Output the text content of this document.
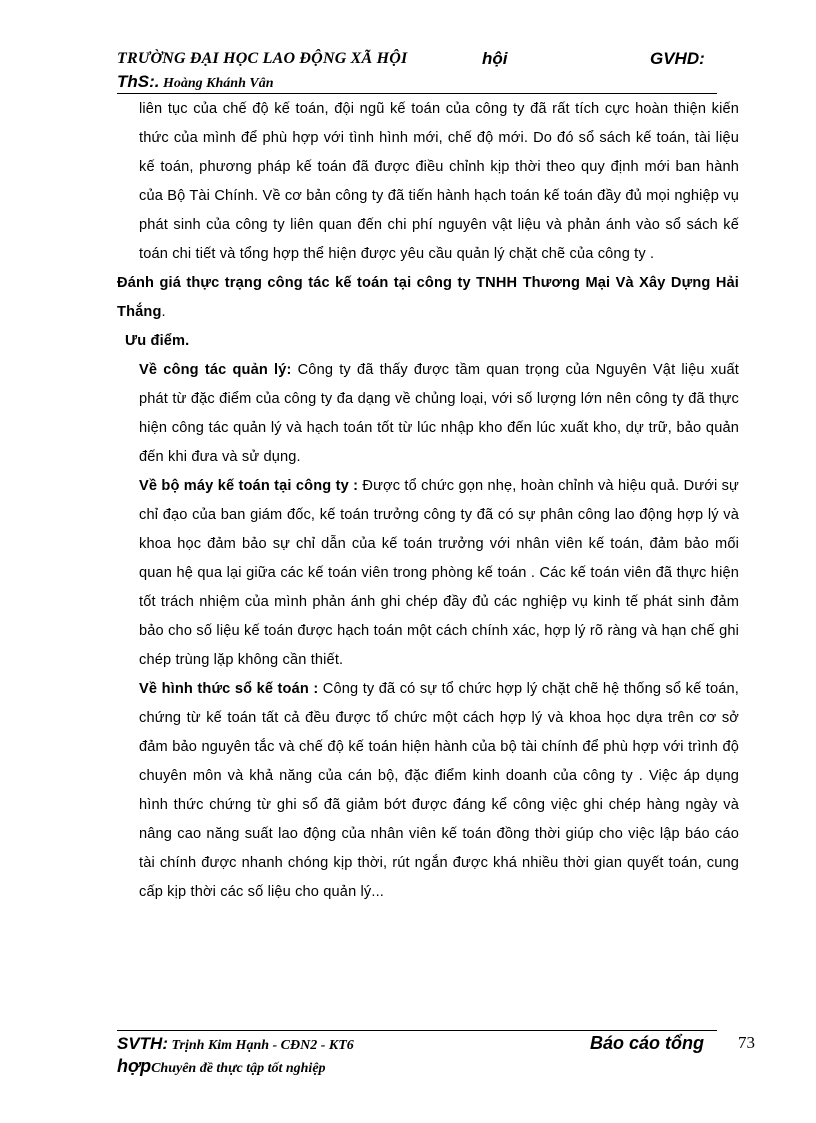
TRƯỜNG ĐẠI HỌC LAO ĐỘNG XÃ HỘI	hội	GVHD:
ThS:. Hoàng Khánh Vân

liên tục của chế độ kế toán, đội ngũ kế toán của công ty đã rất tích cực hoàn thiện kiến thức của mình để phù hợp với tình hình mới, chế độ mới. Do đó sổ sách kế toán, tài liệu kế toán, phương pháp kế toán đã được điều chỉnh kịp thời theo quy định mới ban hành của Bộ Tài Chính. Về cơ bản công ty đã tiến hành hạch toán kế toán đầy đủ mọi nghiệp vụ phát sinh của công ty liên quan đến chi phí nguyên vật liệu và phản ánh vào sổ sách kế toán chi tiết và tổng hợp thể hiện được yêu cầu quản lý chặt chẽ của công ty .

Đánh giá thực trạng công tác kế toán tại công ty TNHH Thương Mại Và Xây Dựng Hải Thắng.

Ưu điểm.

Về công tác quản lý: Công ty đã thấy được tầm quan trọng của Nguyên Vật liệu xuất phát từ đặc điểm của công ty đa dạng về chủng loại, với số lượng lớn nên công ty đã thực hiện công tác quản lý và hạch toán tốt từ lúc nhập kho đến lúc xuất kho, dự trữ, bảo quản đến khi đưa và sử dụng.

Về bộ máy kế toán tại công ty : Được tổ chức gọn nhẹ, hoàn chỉnh và hiệu quả. Dưới sự chỉ đạo của ban giám đốc, kế toán trưởng công ty đã có sự phân công lao động hợp lý và khoa học đảm bảo sự chỉ dẫn của kế toán trưởng với nhân viên kế toán, đảm bảo mối quan hệ qua lại giữa các kế toán viên trong phòng kế toán . Các kế toán viên đã thực hiện tốt trách nhiệm của mình phản ánh ghi chép đầy đủ các nghiệp vụ kinh tế phát sinh đảm bảo cho số liệu kế toán được hạch toán một cách chính xác, hợp lý rõ ràng và hạn chế ghi chép trùng lặp không cần thiết.

Về hình thức sổ kế toán : Công ty đã có sự tổ chức hợp lý chặt chẽ hệ thống sổ kế toán, chứng từ kế toán tất cả đều được tổ chức một cách hợp lý và khoa học dựa trên cơ sở đảm bảo nguyên tắc và chế độ kế toán hiện hành của bộ tài chính để phù hợp với trình độ chuyên môn và khả năng của cán bộ, đặc điểm kinh doanh của công ty . Việc áp dụng hình thức chứng từ ghi sổ đã giảm bớt được đáng kể công việc ghi chép hàng ngày và nâng cao năng suất lao động của nhân viên kế toán đồng thời giúp cho việc lập báo cáo tài chính được nhanh chóng kịp thời, rút ngắn được khá nhiều thời gian quyết toán, cung cấp kịp thời các số liệu cho quản lý...

SVTH: Trịnh Kim Hạnh - CĐN2 - KT6	Báo cáo tổng 73
hợpChuyên đề thực tập tốt nghiệp
